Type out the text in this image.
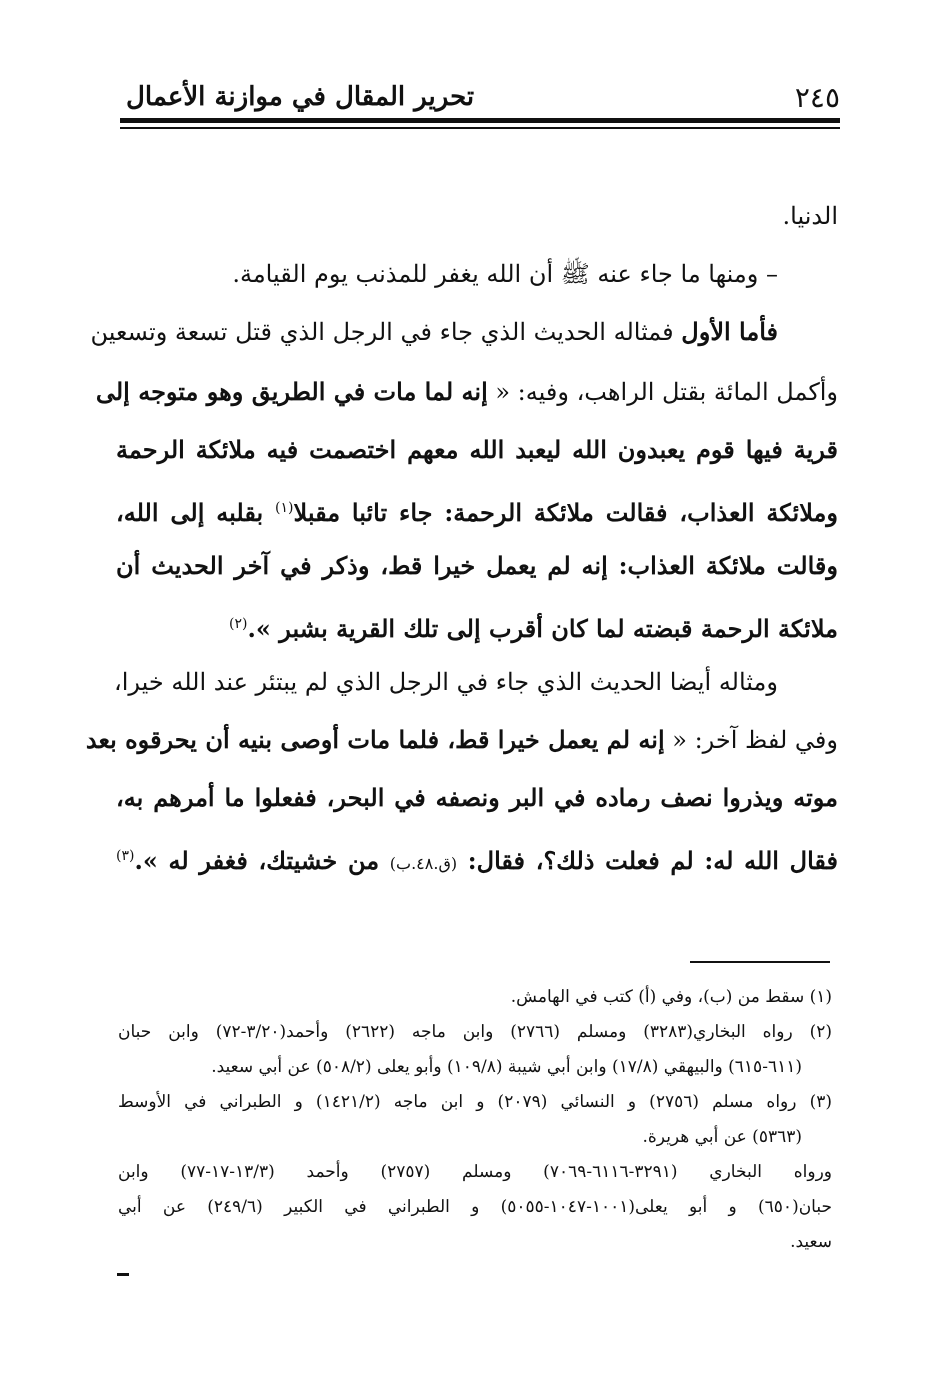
٢٤٥
تحرير المقال في موازنة الأعمال
الدنيا.
– ومنها ما جاء عنه ﷺ أن الله يغفر للمذنب يوم القيامة.
فأما الأول فمثاله الحديث الذي جاء في الرجل الذي قتل تسعة وتسعين
وأكمل المائة بقتل الراهب، وفيه: « إنه لما مات في الطريق وهو متوجه إلى
قرية فيها قوم يعبدون الله ليعبد الله معهم اختصمت فيه ملائكة الرحمة
وملائكة العذاب، فقالت ملائكة الرحمة: جاء تائبا مقبلا$^{(١)}$ بقلبه إلى الله،
وقالت ملائكة العذاب: إنه لم يعمل خيرا قط، وذكر في آخر الحديث أن
ملائكة الرحمة قبضته لما كان أقرب إلى تلك القرية بشبر ».$^{(٢)}$
ومثاله أيضا الحديث الذي جاء في الرجل الذي لم يبتئر عند الله خيرا،
وفي لفظ آخر: « إنه لم يعمل خيرا قط، فلما مات أوصى بنيه أن يحرقوه بعد
موته ويذروا نصف رماده في البر ونصفه في البحر، ففعلوا ما أمرهم به،
فقال الله له: لم فعلت ذلك؟، فقال: (ق.٤٨.ب) من خشيتك، فغفر له ».$^{(٣)}$
(١) سقط من (ب)، وفي (أ) كتب في الهامش.
(٢) رواه البخاري(٣٢٨٣) ومسلم (٢٧٦٦) وابن ماجه (٢٦٢٢) وأحمد(٣/٢٠-٧٢) وابن حبان
(٦١١-٦١٥) والبيهقي (١٧/٨) وابن أبي شيبة (١٠٩/٨) وأبو يعلى (٥٠٨/٢) عن أبي سعيد.
(٣) رواه مسلم (٢٧٥٦) و النسائي (٢٠٧٩) و ابن ماجه (١٤٢١/٢) و الطبراني في الأوسط
(٥٣٦٣) عن أبي هريرة.
ورواه البخاري (٣٢٩١-٦١١٦-٧٠٦٩) ومسلم (٢٧٥٧) وأحمد (١٣/٣-١٧-٧٧) وابن
حبان(٦٥٠) و أبو يعلى(١٠٠١-١٠٤٧-٥٠٥٥) و الطبراني في الكبير (٢٤٩/٦) عن أبي
سعيد.
